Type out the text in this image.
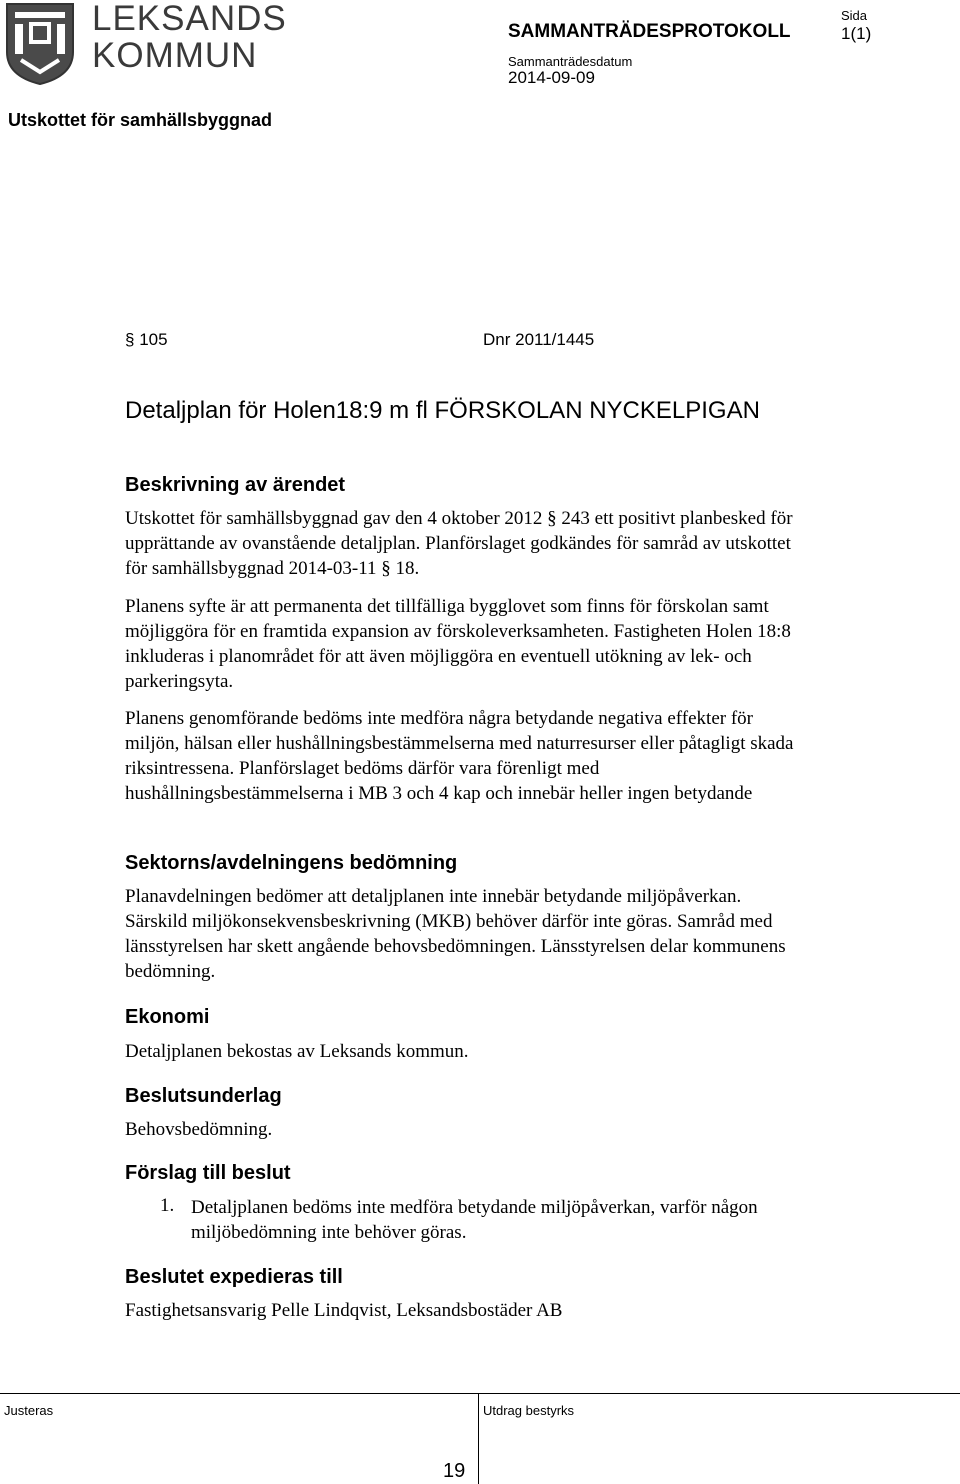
LEKSANDS
KOMMUN
SAMMANTRÄDESPROTOKOLL
Sida
1(1)
Sammanträdesdatum
2014-09-09
Utskottet för samhällsbyggnad
§ 105	Dnr 2011/1445
Detaljplan för Holen18:9 m fl FÖRSKOLAN NYCKELPIGAN
Beskrivning av ärendet
Utskottet för samhällsbyggnad gav den 4 oktober 2012 § 243 ett positivt planbesked för upprättande av ovanstående detaljplan. Planförslaget godkändes för samråd av utskottet för samhällsbyggnad 2014-03-11 § 18.
Planens syfte är att permanenta det tillfälliga bygglovet som finns för förskolan samt möjliggöra för en framtida expansion av förskoleverksamheten. Fastigheten Holen 18:8 inkluderas i planområdet för att även möjliggöra en eventuell utökning av lek- och parkeringsyta.
Planens genomförande bedöms inte medföra några betydande negativa effekter för miljön, hälsan eller hushållningsbestämmelserna med naturresurser eller påtagligt skada riksintressena. Planförslaget bedöms därför vara förenligt med hushållningsbestämmelserna i MB 3 och 4 kap och innebär heller ingen betydande
Sektorns/avdelningens bedömning
Planavdelningen bedömer att detaljplanen inte innebär betydande miljöpåverkan. Särskild miljökonsekvensbeskrivning (MKB) behöver därför inte göras. Samråd med länsstyrelsen har skett angående behovsbedömningen. Länsstyrelsen delar kommunens bedömning.
Ekonomi
Detaljplanen bekostas av Leksands kommun.
Beslutsunderlag
Behovsbedömning.
Förslag till beslut
1. Detaljplanen bedöms inte medföra betydande miljöpåverkan, varför någon miljöbedömning inte behöver göras.
Beslutet expedieras till
Fastighetsansvarig Pelle Lindqvist, Leksandsbostäder AB
Justeras	Utdrag bestyrks
19
